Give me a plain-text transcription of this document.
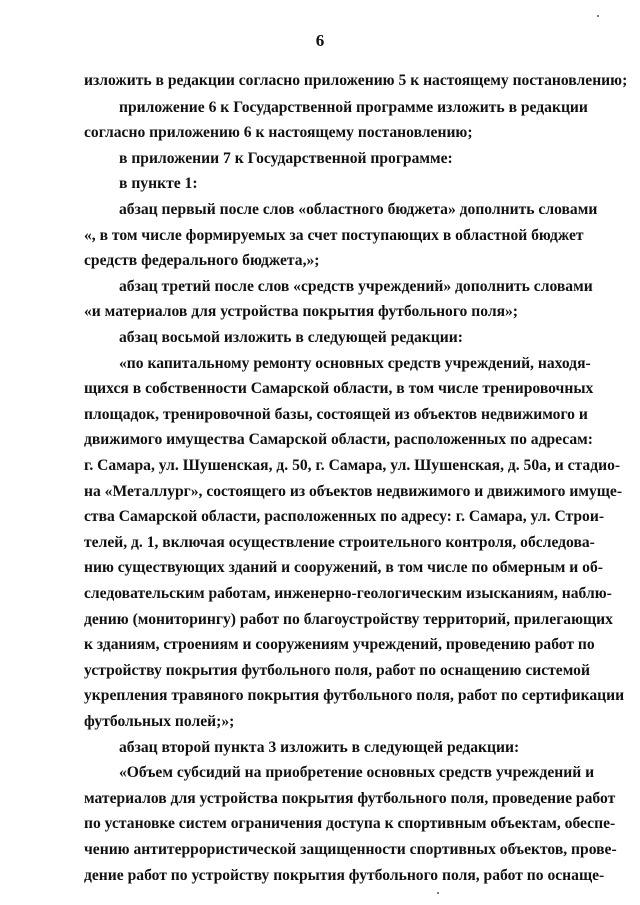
6
изложить в редакции согласно приложению 5 к настоящему постановлению;
приложение 6 к Государственной программе изложить в редакции
согласно приложению 6 к настоящему постановлению;
в приложении 7 к Государственной программе:
в пункте 1:
абзац первый после слов «областного бюджета» дополнить словами
«, в том числе формируемых за счет поступающих в областной бюджет
средств федерального бюджета,»;
абзац третий после слов «средств учреждений» дополнить словами
«и материалов для устройства покрытия футбольного поля»;
абзац восьмой изложить в следующей редакции:
«по капитальному ремонту основных средств учреждений, находя-
щихся в собственности Самарской области, в том числе тренировочных
площадок, тренировочной базы, состоящей из объектов недвижимого и
движимого имущества Самарской области, расположенных по адресам:
г. Самара, ул. Шушенская, д. 50, г. Самара, ул. Шушенская, д. 50а, и стадио-
на «Металлург», состоящего из объектов недвижимого и движимого имуще-
ства Самарской области, расположенных по адресу: г. Самара, ул. Строи-
телей, д. 1, включая осуществление строительного контроля, обследова-
нию существующих зданий и сооружений, в том числе по обмерным и об-
следовательским работам, инженерно-геологическим изысканиям, наблю-
дению (мониторингу) работ по благоустройству территорий, прилегающих
к зданиям, строениям и сооружениям учреждений, проведению работ по
устройству покрытия футбольного поля, работ по оснащению системой
укрепления травяного покрытия футбольного поля, работ по сертификации
футбольных полей;»;
абзац второй пункта 3 изложить в следующей редакции:
«Объем субсидий на приобретение основных средств учреждений и
материалов для устройства покрытия футбольного поля, проведение работ
по установке систем ограничения доступа к спортивным объектам, обеспе-
чению антитеррористической защищенности спортивных объектов, прове-
дение работ по устройству покрытия футбольного поля, работ по оснаще-
